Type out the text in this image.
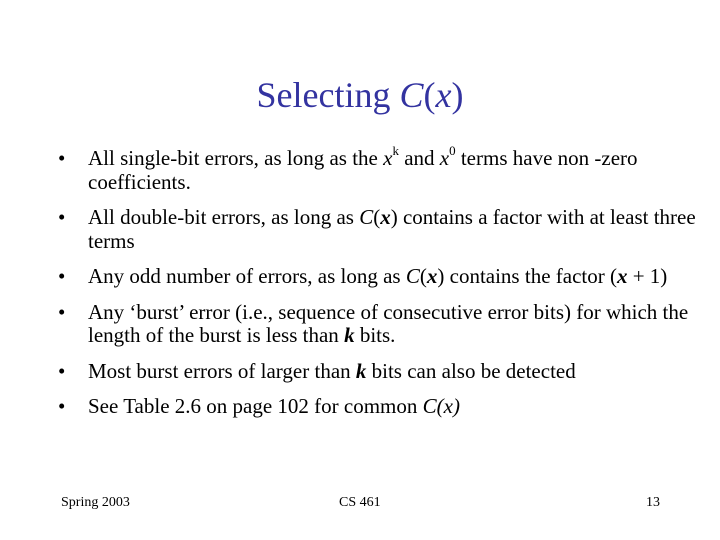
Selecting C(x)
•	All single-bit errors, as long as the $x^k$ and $x^0$ terms have non -zero coefficients.
•	All double-bit errors, as long as C(x) contains a factor with at least three terms
•	Any odd number of errors, as long as C(x) contains the factor (x + 1)
•	Any ‘burst’ error (i.e., sequence of consecutive error bits) for which the length of the burst is less than k bits.
•	Most burst errors of larger than k bits can also be detected
•	See Table 2.6 on page 102 for common C(x)
Spring 2003	CS 461	13
